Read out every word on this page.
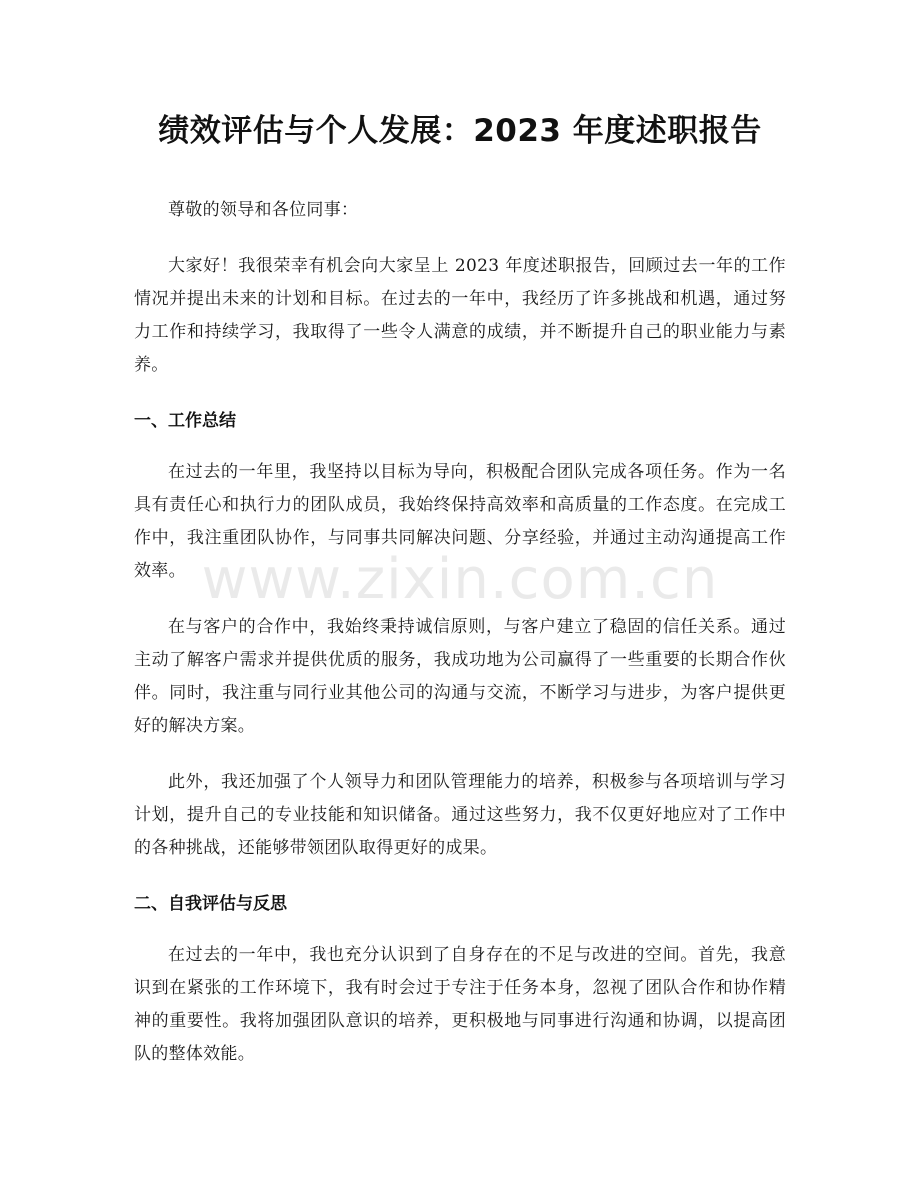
绩效评估与个人发展：2023 年度述职报告

尊敬的领导和各位同事：

大家好！我很荣幸有机会向大家呈上 2023 年度述职报告，回顾过去一年的工作情况并提出未来的计划和目标。在过去的一年中，我经历了许多挑战和机遇，通过努力工作和持续学习，我取得了一些令人满意的成绩，并不断提升自己的职业能力与素养。

一、工作总结

在过去的一年里，我坚持以目标为导向，积极配合团队完成各项任务。作为一名具有责任心和执行力的团队成员，我始终保持高效率和高质量的工作态度。在完成工作中，我注重团队协作，与同事共同解决问题、分享经验，并通过主动沟通提高工作效率。

在与客户的合作中，我始终秉持诚信原则，与客户建立了稳固的信任关系。通过主动了解客户需求并提供优质的服务，我成功地为公司赢得了一些重要的长期合作伙伴。同时，我注重与同行业其他公司的沟通与交流，不断学习与进步，为客户提供更好的解决方案。

此外，我还加强了个人领导力和团队管理能力的培养，积极参与各项培训与学习计划，提升自己的专业技能和知识储备。通过这些努力，我不仅更好地应对了工作中的各种挑战，还能够带领团队取得更好的成果。

二、自我评估与反思

在过去的一年中，我也充分认识到了自身存在的不足与改进的空间。首先，我意识到在紧张的工作环境下，我有时会过于专注于任务本身，忽视了团队合作和协作精神的重要性。我将加强团队意识的培养，更积极地与同事进行沟通和协调，以提高团队的整体效能。

www.zixin.com.cn
